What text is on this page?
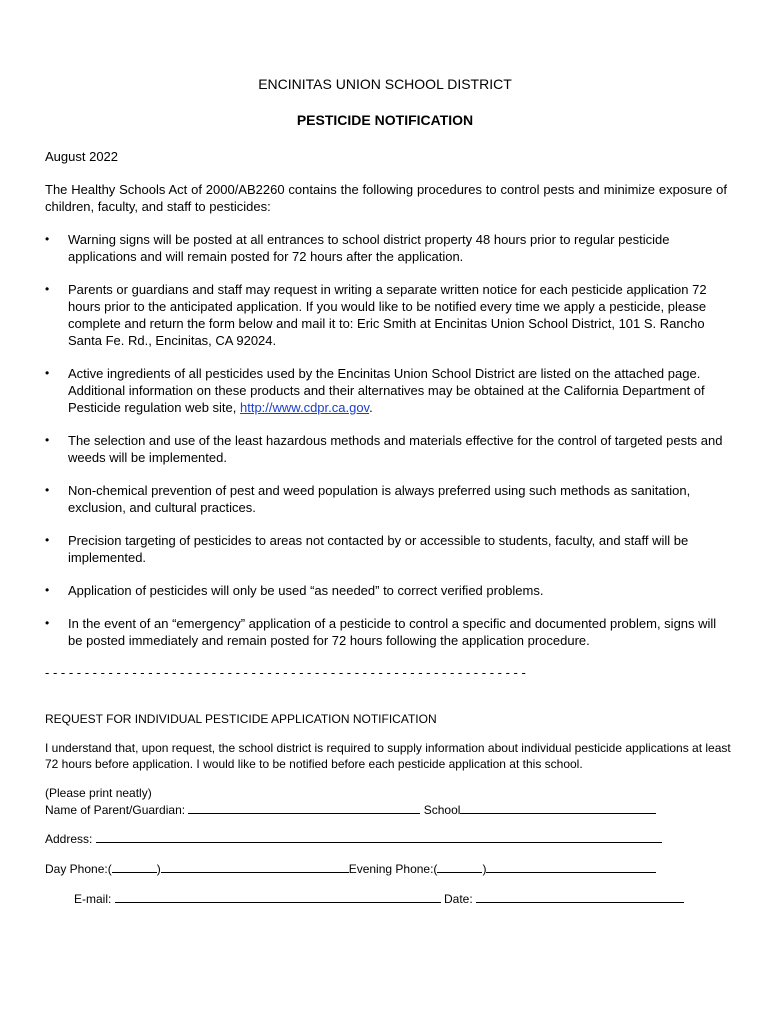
ENCINITAS UNION SCHOOL DISTRICT
PESTICIDE NOTIFICATION
August 2022

The Healthy Schools Act of 2000/AB2260 contains the following procedures to control pests and minimize exposure of children, faculty, and staff to pesticides:

• Warning signs will be posted at all entrances to school district property 48 hours prior to regular pesticide applications and will remain posted for 72 hours after the application.
• Parents or guardians and staff may request in writing a separate written notice for each pesticide application 72 hours prior to the anticipated application. If you would like to be notified every time we apply a pesticide, please complete and return the form below and mail it to: Eric Smith at Encinitas Union School District, 101 S. Rancho Santa Fe. Rd., Encinitas, CA 92024.
• Active ingredients of all pesticides used by the Encinitas Union School District are listed on the attached page. Additional information on these products and their alternatives may be obtained at the California Department of Pesticide regulation web site, http://www.cdpr.ca.gov.
• The selection and use of the least hazardous methods and materials effective for the control of targeted pests and weeds will be implemented.
• Non-chemical prevention of pest and weed population is always preferred using such methods as sanitation, exclusion, and cultural practices.
• Precision targeting of pesticides to areas not contacted by or accessible to students, faculty, and staff will be implemented.
• Application of pesticides will only be used “as needed” to correct verified problems.
• In the event of an “emergency” application of a pesticide to control a specific and documented problem, signs will be posted immediately and remain posted for 72 hours following the application procedure.
- - - - - - - - - - - - - - - - - - - - - - - - - - - - - - - - - - - - - - - - - - - - - - - - - - - - - - - - - - - - -
REQUEST FOR INDIVIDUAL PESTICIDE APPLICATION NOTIFICATION

I understand that, upon request, the school district is required to supply information about individual pesticide applications at least 72 hours before application. I would like to be notified before each pesticide application at this school.

(Please print neatly)
Name of Parent/Guardian:	School
Address:
Day Phone:(	)	Evening Phone:(	)
E-mail:	Date:
